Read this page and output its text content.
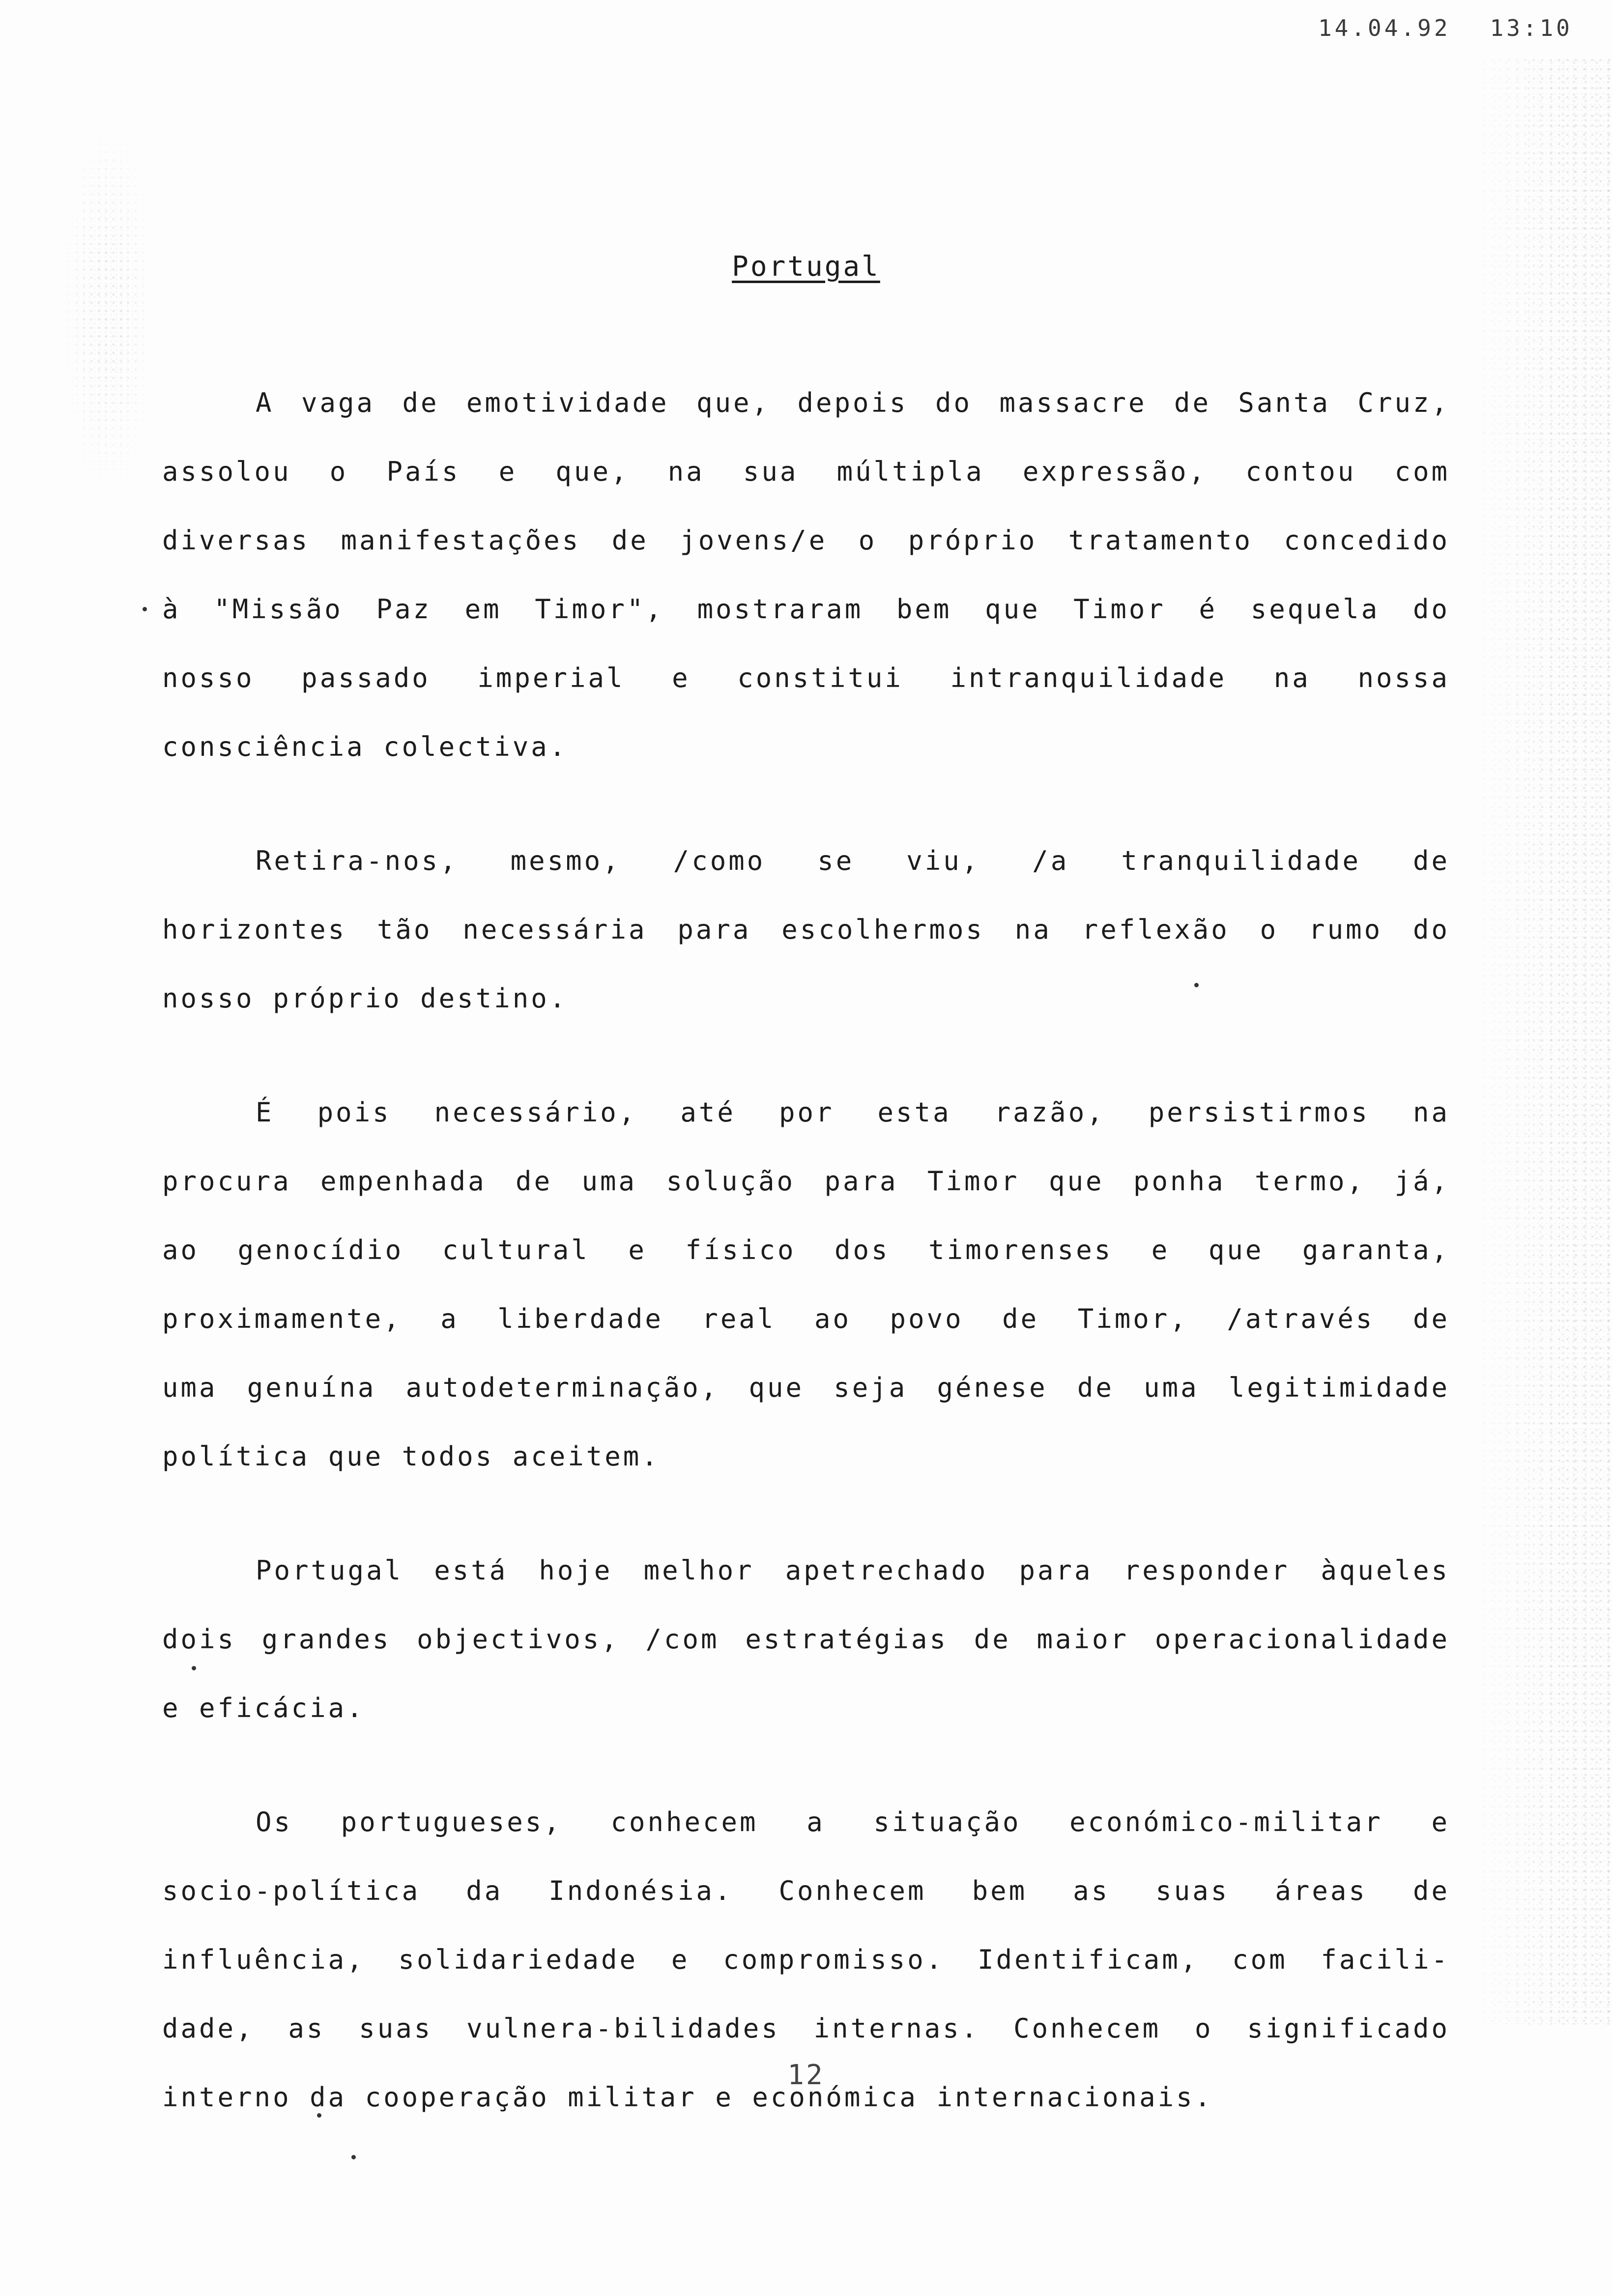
14.04.92 13:10
Portugal
A vaga de emotividade que, depois do massacre de Santa Cruz,
assolou o País e que, na sua múltipla expressão, contou com
diversas manifestações de jovens/e o próprio tratamento concedido
à "Missão Paz em Timor", mostraram bem que Timor é sequela do
nosso passado imperial e constitui intranquilidade na nossa
consciência colectiva.
Retira-nos, mesmo, /como se viu, /a tranquilidade de
horizontes tão necessária para escolhermos na reflexão o rumo do
nosso próprio destino.
É pois necessário, até por esta razão, persistirmos na
procura empenhada de uma solução para Timor que ponha termo, já,
ao genocídio cultural e físico dos timorenses e que garanta,
proximamente, a liberdade real ao povo de Timor, /através de
uma genuína autodeterminação, que seja génese de uma legitimidade
política que todos aceitem.
Portugal está hoje melhor apetrechado para responder àqueles
dois grandes objectivos, /com estratégias de maior operacionalidade
e eficácia.
Os portugueses, conhecem a situação económico-militar e
socio-política da Indonésia. Conhecem bem as suas áreas de
influência, solidariedade e compromisso. Identificam, com facili-
dade, as suas vulnera-bilidades internas. Conhecem o significado
interno da cooperação militar e económica internacionais.
12
